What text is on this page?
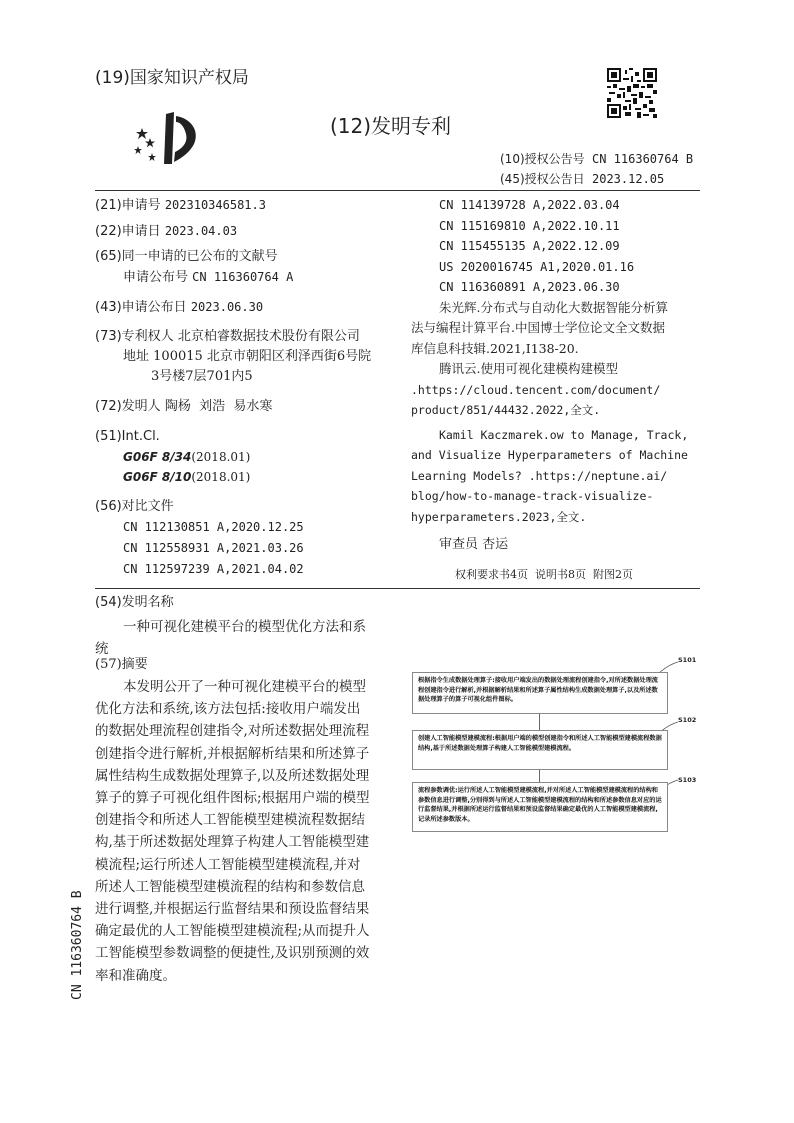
(19)国家知识产权局
(12)发明专利
(10)授权公告号 CN 116360764 B
(45)授权公告日 2023.12.05
(21)申请号 202310346581.3
(22)申请日 2023.04.03
(65)同一申请的已公布的文献号
申请公布号 CN 116360764 A
(43)申请公布日 2023.06.30
(73)专利权人 北京柏睿数据技术股份有限公司
地址 100015 北京市朝阳区利泽西街6号院
3号楼7层701内5
(72)发明人 陶杨  刘浩  易水寒
(51)Int.Cl.
G06F 8/34(2018.01)
G06F 8/10(2018.01)
(56)对比文件
CN 112130851 A,2020.12.25
CN 112558931 A,2021.03.26
CN 112597239 A,2021.04.02
CN 114139728 A,2022.03.04
CN 115169810 A,2022.10.11
CN 115455135 A,2022.12.09
US 2020016745 A1,2020.01.16
CN 116360891 A,2023.06.30
朱光辉.分布式与自动化大数据智能分析算
法与编程计算平台.中国博士学位论文全文数据
库信息科技辑.2021,I138-20.
腾讯云.使用可视化建模构建模型
.https://cloud.tencent.com/document/
product/851/44432.2022,全文.
Kamil Kaczmarek.ow to Manage, Track,
and Visualize Hyperparameters of Machine
Learning Models? .https://neptune.ai/
blog/how-to-manage-track-visualize-
hyperparameters.2023,全文.
审查员 杏运
权利要求书4页  说明书8页  附图2页
(54)发明名称
一种可视化建模平台的模型优化方法和系
统
(57)摘要
本发明公开了一种可视化建模平台的模型
优化方法和系统,该方法包括:接收用户端发出
的数据处理流程创建指令,对所述数据处理流程
创建指令进行解析,并根据解析结果和所述算子
属性结构生成数据处理算子,以及所述数据处理
算子的算子可视化组件图标;根据用户端的模型
创建指令和所述人工智能模型建模流程数据结
构,基于所述数据处理算子构建人工智能模型建
模流程;运行所述人工智能模型建模流程,并对
所述人工智能模型建模流程的结构和参数信息
进行调整,并根据运行监督结果和预设监督结果
确定最优的人工智能模型建模流程;从而提升人
工智能模型参数调整的便捷性,及识别预测的效
率和准确度。
CN 116360764 B
S101
根据指令生成数据处理算子:接收用户端发出的数据处理流程创建指令,对所述数据处理流程创建指令进行解析,并根据解析结果和所述算子属性结构生成数据处理算子,以及所述数据处理算子的算子可视化组件图标。
S102
创建人工智能模型建模流程:根据用户端的模型创建指令和所述人工智能模型建模流程数据结构,基于所述数据处理算子构建人工智能模型建模流程。
S103
流程参数调优:运行所述人工智能模型建模流程,并对所述人工智能模型建模流程的结构和参数信息进行调整,分别得到与所述人工智能模型建模流程的结构和所述参数信息对应的运行监督结果,并根据所述运行监督结果和预设监督结果确定最优的人工智能模型建模流程,记录所述参数版本。
